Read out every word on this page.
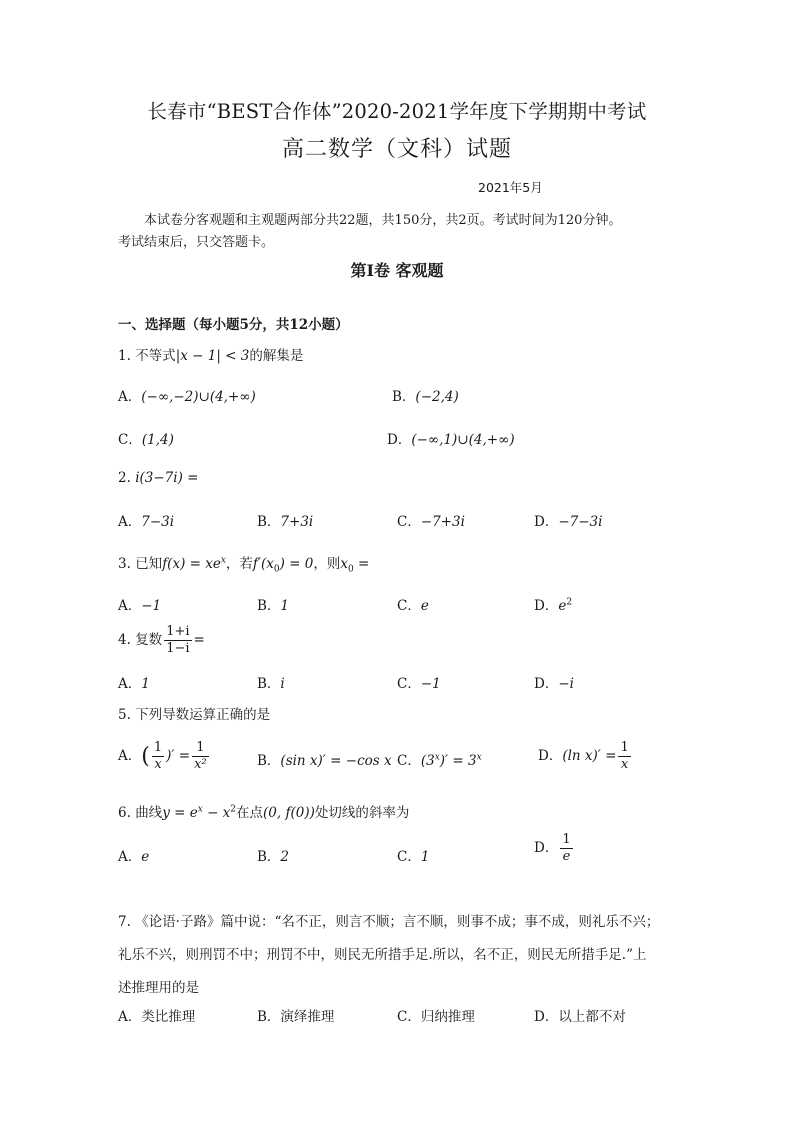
长春市“BEST合作体”2020-2021学年度下学期期中考试
高二数学（文科）试题
2021年5月

本试卷分客观题和主观题两部分共22题，共150分，共2页。考试时间为120分钟。

考试结束后，只交答题卡。
第Ⅰ卷 客观题
一、选择题（每小题5分，共12小题）
1. 不等式|x − 1| < 3的解集是
A．(−∞,−2)∪(4,+∞)	B．(−2,4)
C．(1,4)	D．(−∞,1)∪(4,+∞)
2. i(3−7i) =
A．7−3i	B．7+3i	C．−7+3i	D．−7−3i
3. 已知$f(x) = xe^x$，若$f'(x_0) = 0$，则$x_0$ =
A．−1	B．1	C．e	D．$e^2$
4. 复数 $\frac{1+i}{1-i}$ =
A．1	B．i	C．−1	D．−i
5. 下列导数运算正确的是
A．( $\frac{1}{x}$ )′ = $\frac{1}{\text{x²}}$	B．(sin x)′ = −cos x C．$(3^x)' = 3^x$	D．(ln $x)' = \frac{1}{x}$
6. 曲线$y = e^x - x^2$在点(0, f(0))处切线的斜率为
A．e	B．2	C．1
D． $\frac{1}{e}$

7. 《论语·子路》篇中说：“名不正，则言不顺；言不顺，则事不成；事不成，则礼乐不兴；

礼乐不兴，则刑罚不中；刑罚不中，则民无所措手足.所以，名不正，则民无所措手足.”上

述推理用的是

A．类比推理	B．演绎推理	C．归纳推理	D．以上都不对
